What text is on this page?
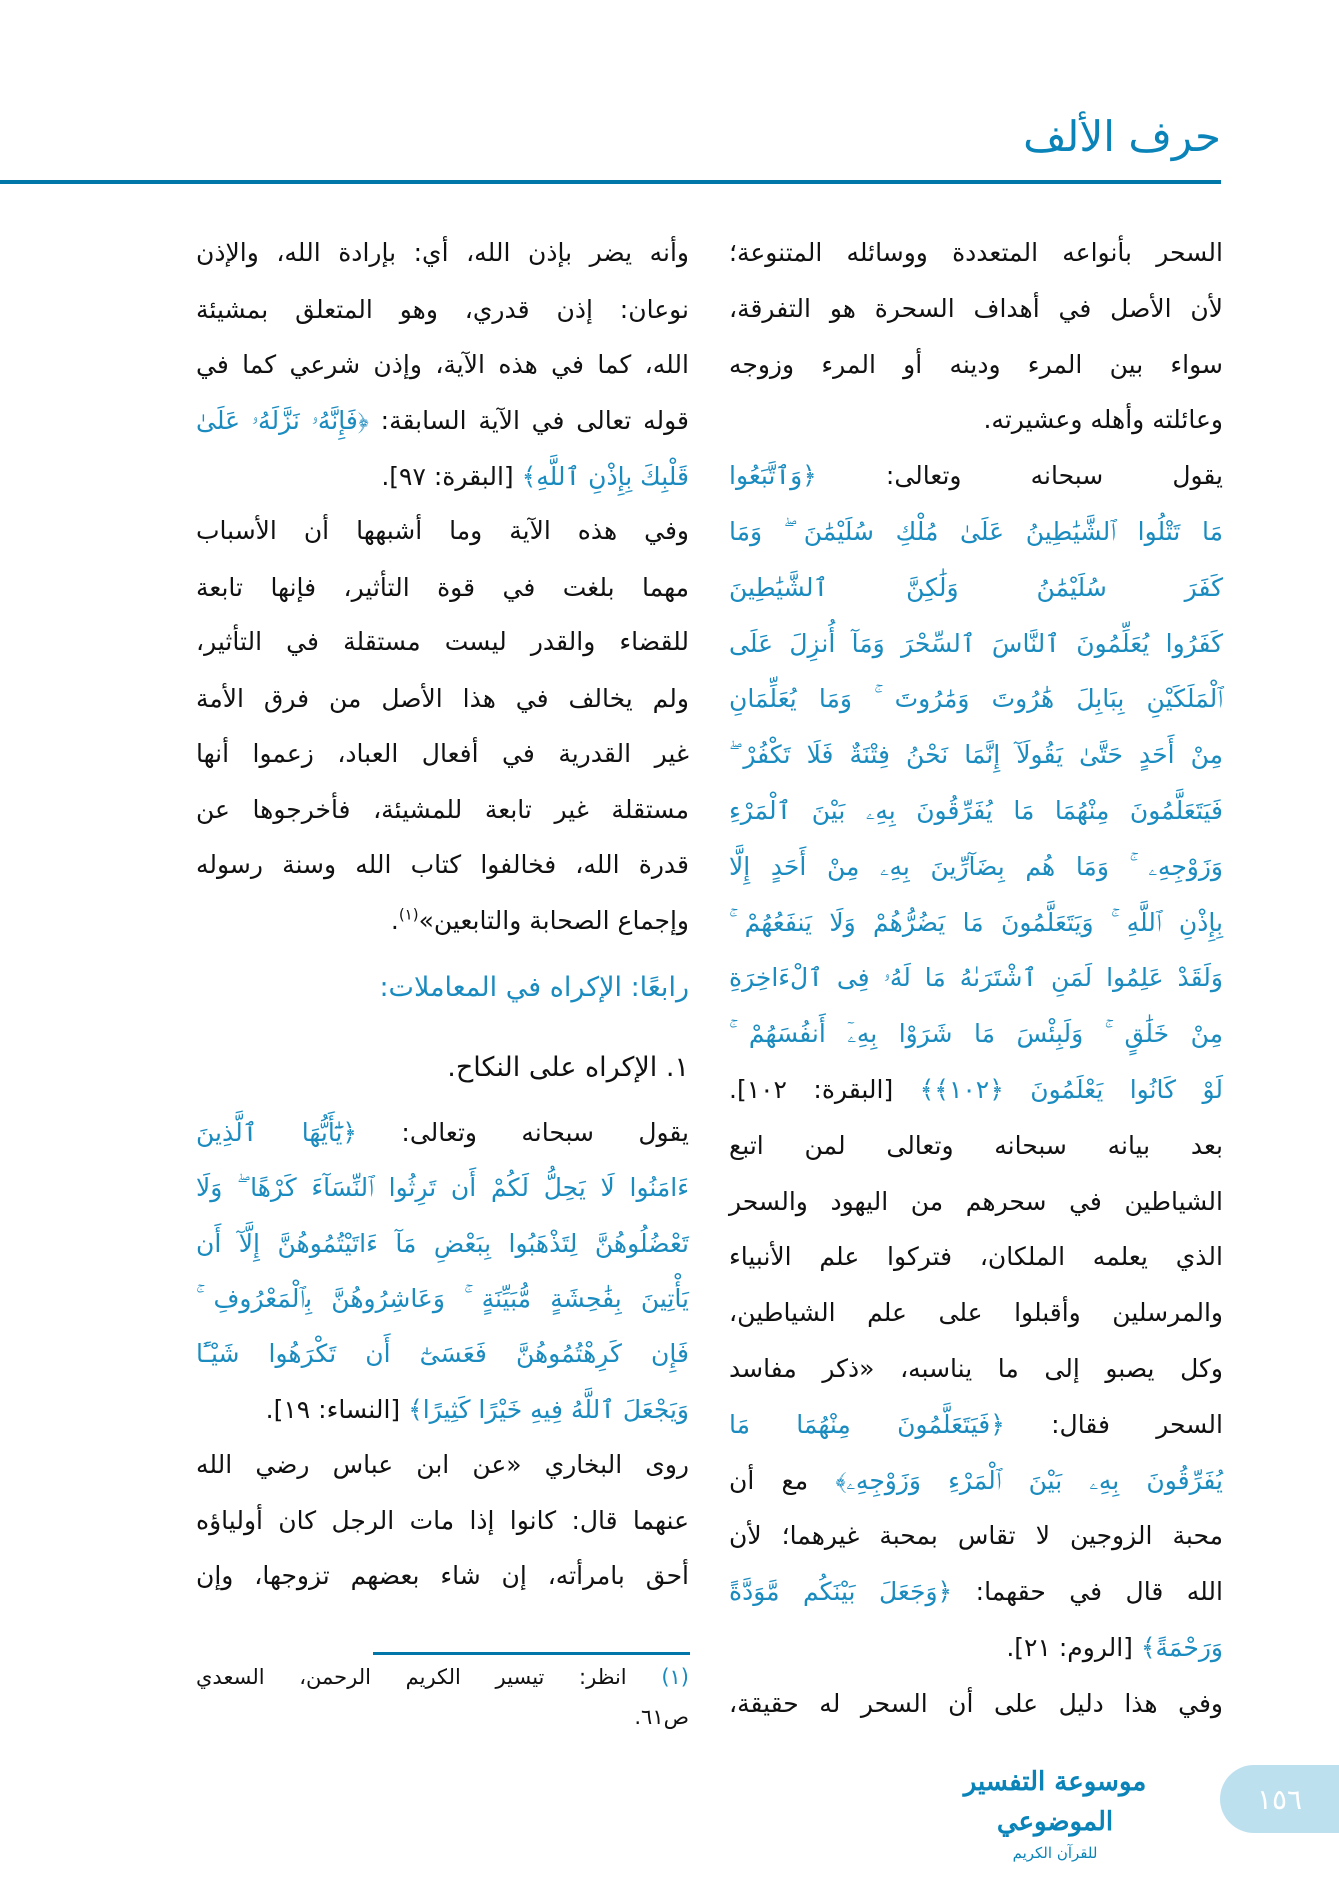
حرف الألف
السحر بأنواعه المتعددة ووسائله المتنوعة؛
لأن الأصل في أهداف السحرة هو التفرقة،
سواء بين المرء ودينه أو المرء وزوجه
وعائلته وأهله وعشيرته.
يقول سبحانه وتعالى: ﴿وَٱتَّبَعُوا
مَا تَتْلُوا ٱلشَّيَٰطِينُ عَلَىٰ مُلْكِ سُلَيْمَٰنَ ۖ وَمَا
كَفَرَ سُلَيْمَٰنُ وَلَٰكِنَّ ٱلشَّيَٰطِينَ
كَفَرُوا يُعَلِّمُونَ ٱلنَّاسَ ٱلسِّحْرَ وَمَآ أُنزِلَ عَلَى
ٱلْمَلَكَيْنِ بِبَابِلَ هَٰرُوتَ وَمَٰرُوتَ ۚ وَمَا يُعَلِّمَانِ
مِنْ أَحَدٍ حَتَّىٰ يَقُولَآ إِنَّمَا نَحْنُ فِتْنَةٌ فَلَا تَكْفُرْ ۖ
فَيَتَعَلَّمُونَ مِنْهُمَا مَا يُفَرِّقُونَ بِهِۦ بَيْنَ ٱلْمَرْءِ
وَزَوْجِهِۦ ۚ وَمَا هُم بِضَآرِّينَ بِهِۦ مِنْ أَحَدٍ إِلَّا
بِإِذْنِ ٱللَّهِ ۚ وَيَتَعَلَّمُونَ مَا يَضُرُّهُمْ وَلَا يَنفَعُهُمْ ۚ
وَلَقَدْ عَلِمُوا لَمَنِ ٱشْتَرَىٰهُ مَا لَهُۥ فِى ٱلْءَاخِرَةِ
مِنْ خَلَٰقٍ ۚ وَلَبِئْسَ مَا شَرَوْا بِهِۦٓ أَنفُسَهُمْ ۚ
لَوْ كَانُوا يَعْلَمُونَ ﴿١٠٢﴾﴾ [البقرة: ١٠٢].
بعد بيانه سبحانه وتعالى لمن اتبع
الشياطين في سحرهم من اليهود والسحر
الذي يعلمه الملكان، فتركوا علم الأنبياء
والمرسلين وأقبلوا على علم الشياطين،
وكل يصبو إلى ما يناسبه، «ذكر مفاسد
السحر فقال: ﴿فَيَتَعَلَّمُونَ مِنْهُمَا مَا
يُفَرِّقُونَ بِهِۦ بَيْنَ ٱلْمَرْءِ وَزَوْجِهِۦ﴾ مع أن
محبة الزوجين لا تقاس بمحبة غيرهما؛ لأن
الله قال في حقهما: ﴿وَجَعَلَ بَيْنَكُم مَّوَدَّةً
وَرَحْمَةً﴾ [الروم: ٢١].
وفي هذا دليل على أن السحر له حقيقة،
وأنه يضر بإذن الله، أي: بإرادة الله، والإذن
نوعان: إذن قدري، وهو المتعلق بمشيئة
الله، كما في هذه الآية، وإذن شرعي كما في
قوله تعالى في الآية السابقة: ﴿فَإِنَّهُۥ نَزَّلَهُۥ عَلَىٰ
قَلْبِكَ بِإِذْنِ ٱللَّهِ﴾ [البقرة: ٩٧].
وفي هذه الآية وما أشبهها أن الأسباب
مهما بلغت في قوة التأثير، فإنها تابعة
للقضاء والقدر ليست مستقلة في التأثير،
ولم يخالف في هذا الأصل من فرق الأمة
غير القدرية في أفعال العباد، زعموا أنها
مستقلة غير تابعة للمشيئة، فأخرجوها عن
قدرة الله، فخالفوا كتاب الله وسنة رسوله
وإجماع الصحابة والتابعين»$^{(١)}$.
رابعًا: الإكراه في المعاملات:
١. الإكراه على النكاح.
يقول سبحانه وتعالى: ﴿يَٰٓأَيُّهَا ٱلَّذِينَ
ءَامَنُوا لَا يَحِلُّ لَكُمْ أَن تَرِثُوا ٱلنِّسَآءَ كَرْهًا ۖ وَلَا
تَعْضُلُوهُنَّ لِتَذْهَبُوا بِبَعْضِ مَآ ءَاتَيْتُمُوهُنَّ إِلَّآ أَن
يَأْتِينَ بِفَٰحِشَةٍ مُّبَيِّنَةٍ ۚ وَعَاشِرُوهُنَّ بِٱلْمَعْرُوفِ ۚ
فَإِن كَرِهْتُمُوهُنَّ فَعَسَىٰٓ أَن تَكْرَهُوا شَيْـًٔا
وَيَجْعَلَ ٱللَّهُ فِيهِ خَيْرًا كَثِيرًا﴾ [النساء: ١٩].
روى البخاري «عن ابن عباس رضي الله
عنهما قال: كانوا إذا مات الرجل كان أولياؤه
أحق بامرأته، إن شاء بعضهم تزوجها، وإن
(١) انظر: تيسير الكريم الرحمن، السعدي
ص٦١.
موسوعة التفسير الموضوعي
للقرآن الكريم
١٥٦
